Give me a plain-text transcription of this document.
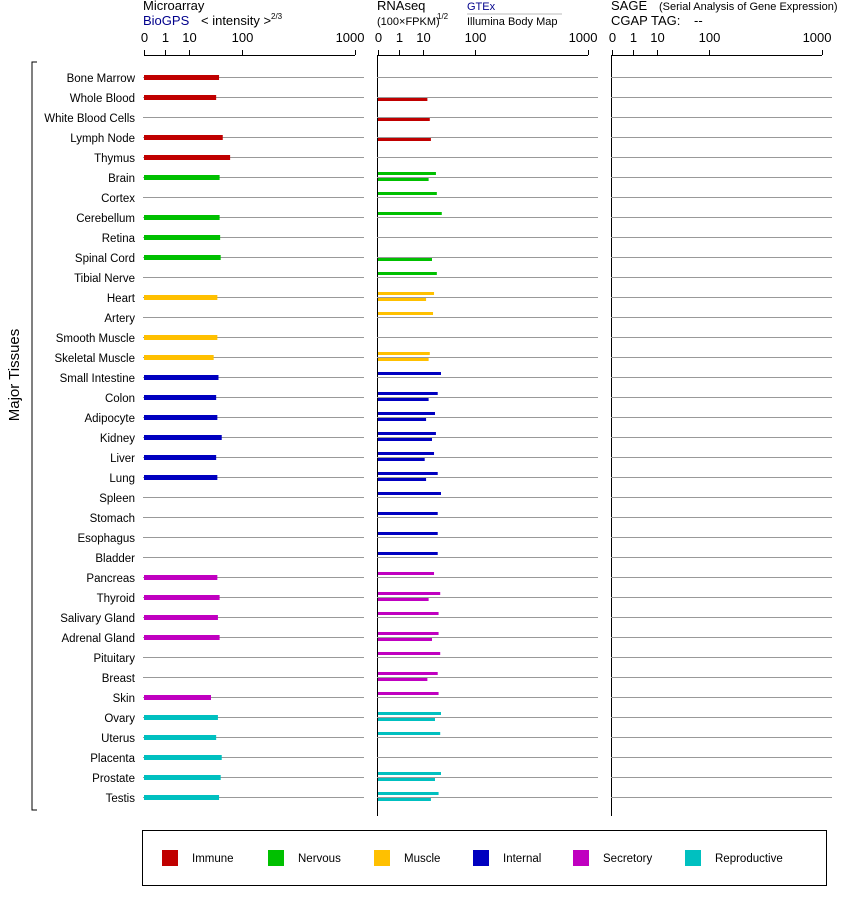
Microarray
BioGPS < intensity > 2/3
RNAseq
(100×FPKM)
1/2
GTEx
Illumina Body Map
SAGE (Serial Analysis of Gene Expression)
CGAP TAG: --
Major Tissues
0 1 10	100	1000 0 1 10	100	1000 0 1 10	100	1000
Bone Marrow
Whole Blood
White Blood Cells
Lymph Node
Thymus
Brain
Cortex
Cerebellum
Retina
Spinal Cord
Tibial Nerve
Heart
Artery
Smooth Muscle
Skeletal Muscle
Small Intestine
Colon
Adipocyte
Kidney
Liver
Lung
Spleen
Stomach
Esophagus
Bladder
Pancreas
Thyroid
Salivary Gland
Adrenal Gland
Pituitary
Breast
Skin
Ovary
Uterus
Placenta
Prostate
Testis
Immune	Nervous	Muscle	Internal	Secretory	Reproductive
